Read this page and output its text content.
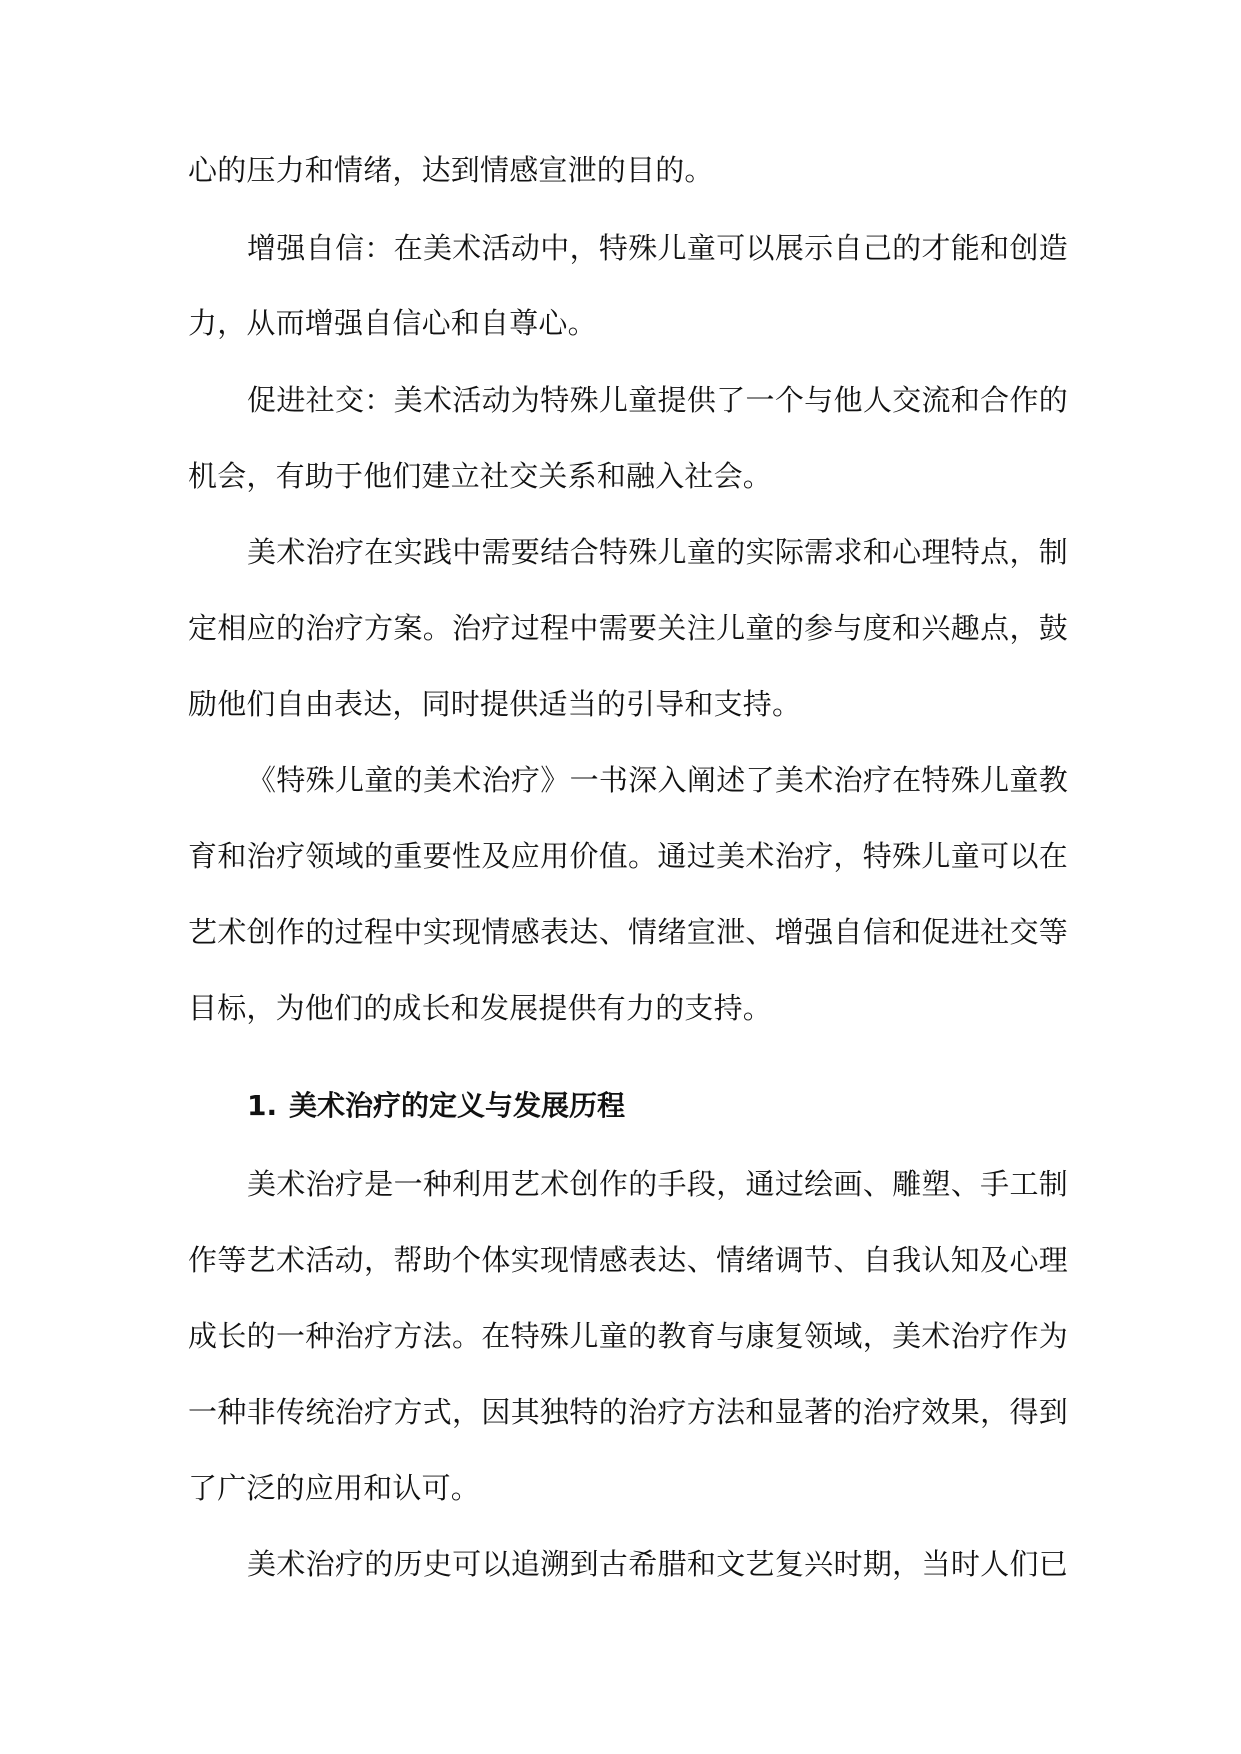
心的压力和情绪，达到情感宣泄的目的。
增强自信：在美术活动中，特殊儿童可以展示自己的才能和创造
力，从而增强自信心和自尊心。
促进社交：美术活动为特殊儿童提供了一个与他人交流和合作的
机会，有助于他们建立社交关系和融入社会。
美术治疗在实践中需要结合特殊儿童的实际需求和心理特点，制
定相应的治疗方案。治疗过程中需要关注儿童的参与度和兴趣点，鼓
励他们自由表达，同时提供适当的引导和支持。
《特殊儿童的美术治疗》一书深入阐述了美术治疗在特殊儿童教
育和治疗领域的重要性及应用价值。通过美术治疗，特殊儿童可以在
艺术创作的过程中实现情感表达、情绪宣泄、增强自信和促进社交等
目标，为他们的成长和发展提供有力的支持。
1. 美术治疗的定义与发展历程
美术治疗是一种利用艺术创作的手段，通过绘画、雕塑、手工制
作等艺术活动，帮助个体实现情感表达、情绪调节、自我认知及心理
成长的一种治疗方法。在特殊儿童的教育与康复领域，美术治疗作为
一种非传统治疗方式，因其独特的治疗方法和显著的治疗效果，得到
了广泛的应用和认可。
美术治疗的历史可以追溯到古希腊和文艺复兴时期，当时人们已
